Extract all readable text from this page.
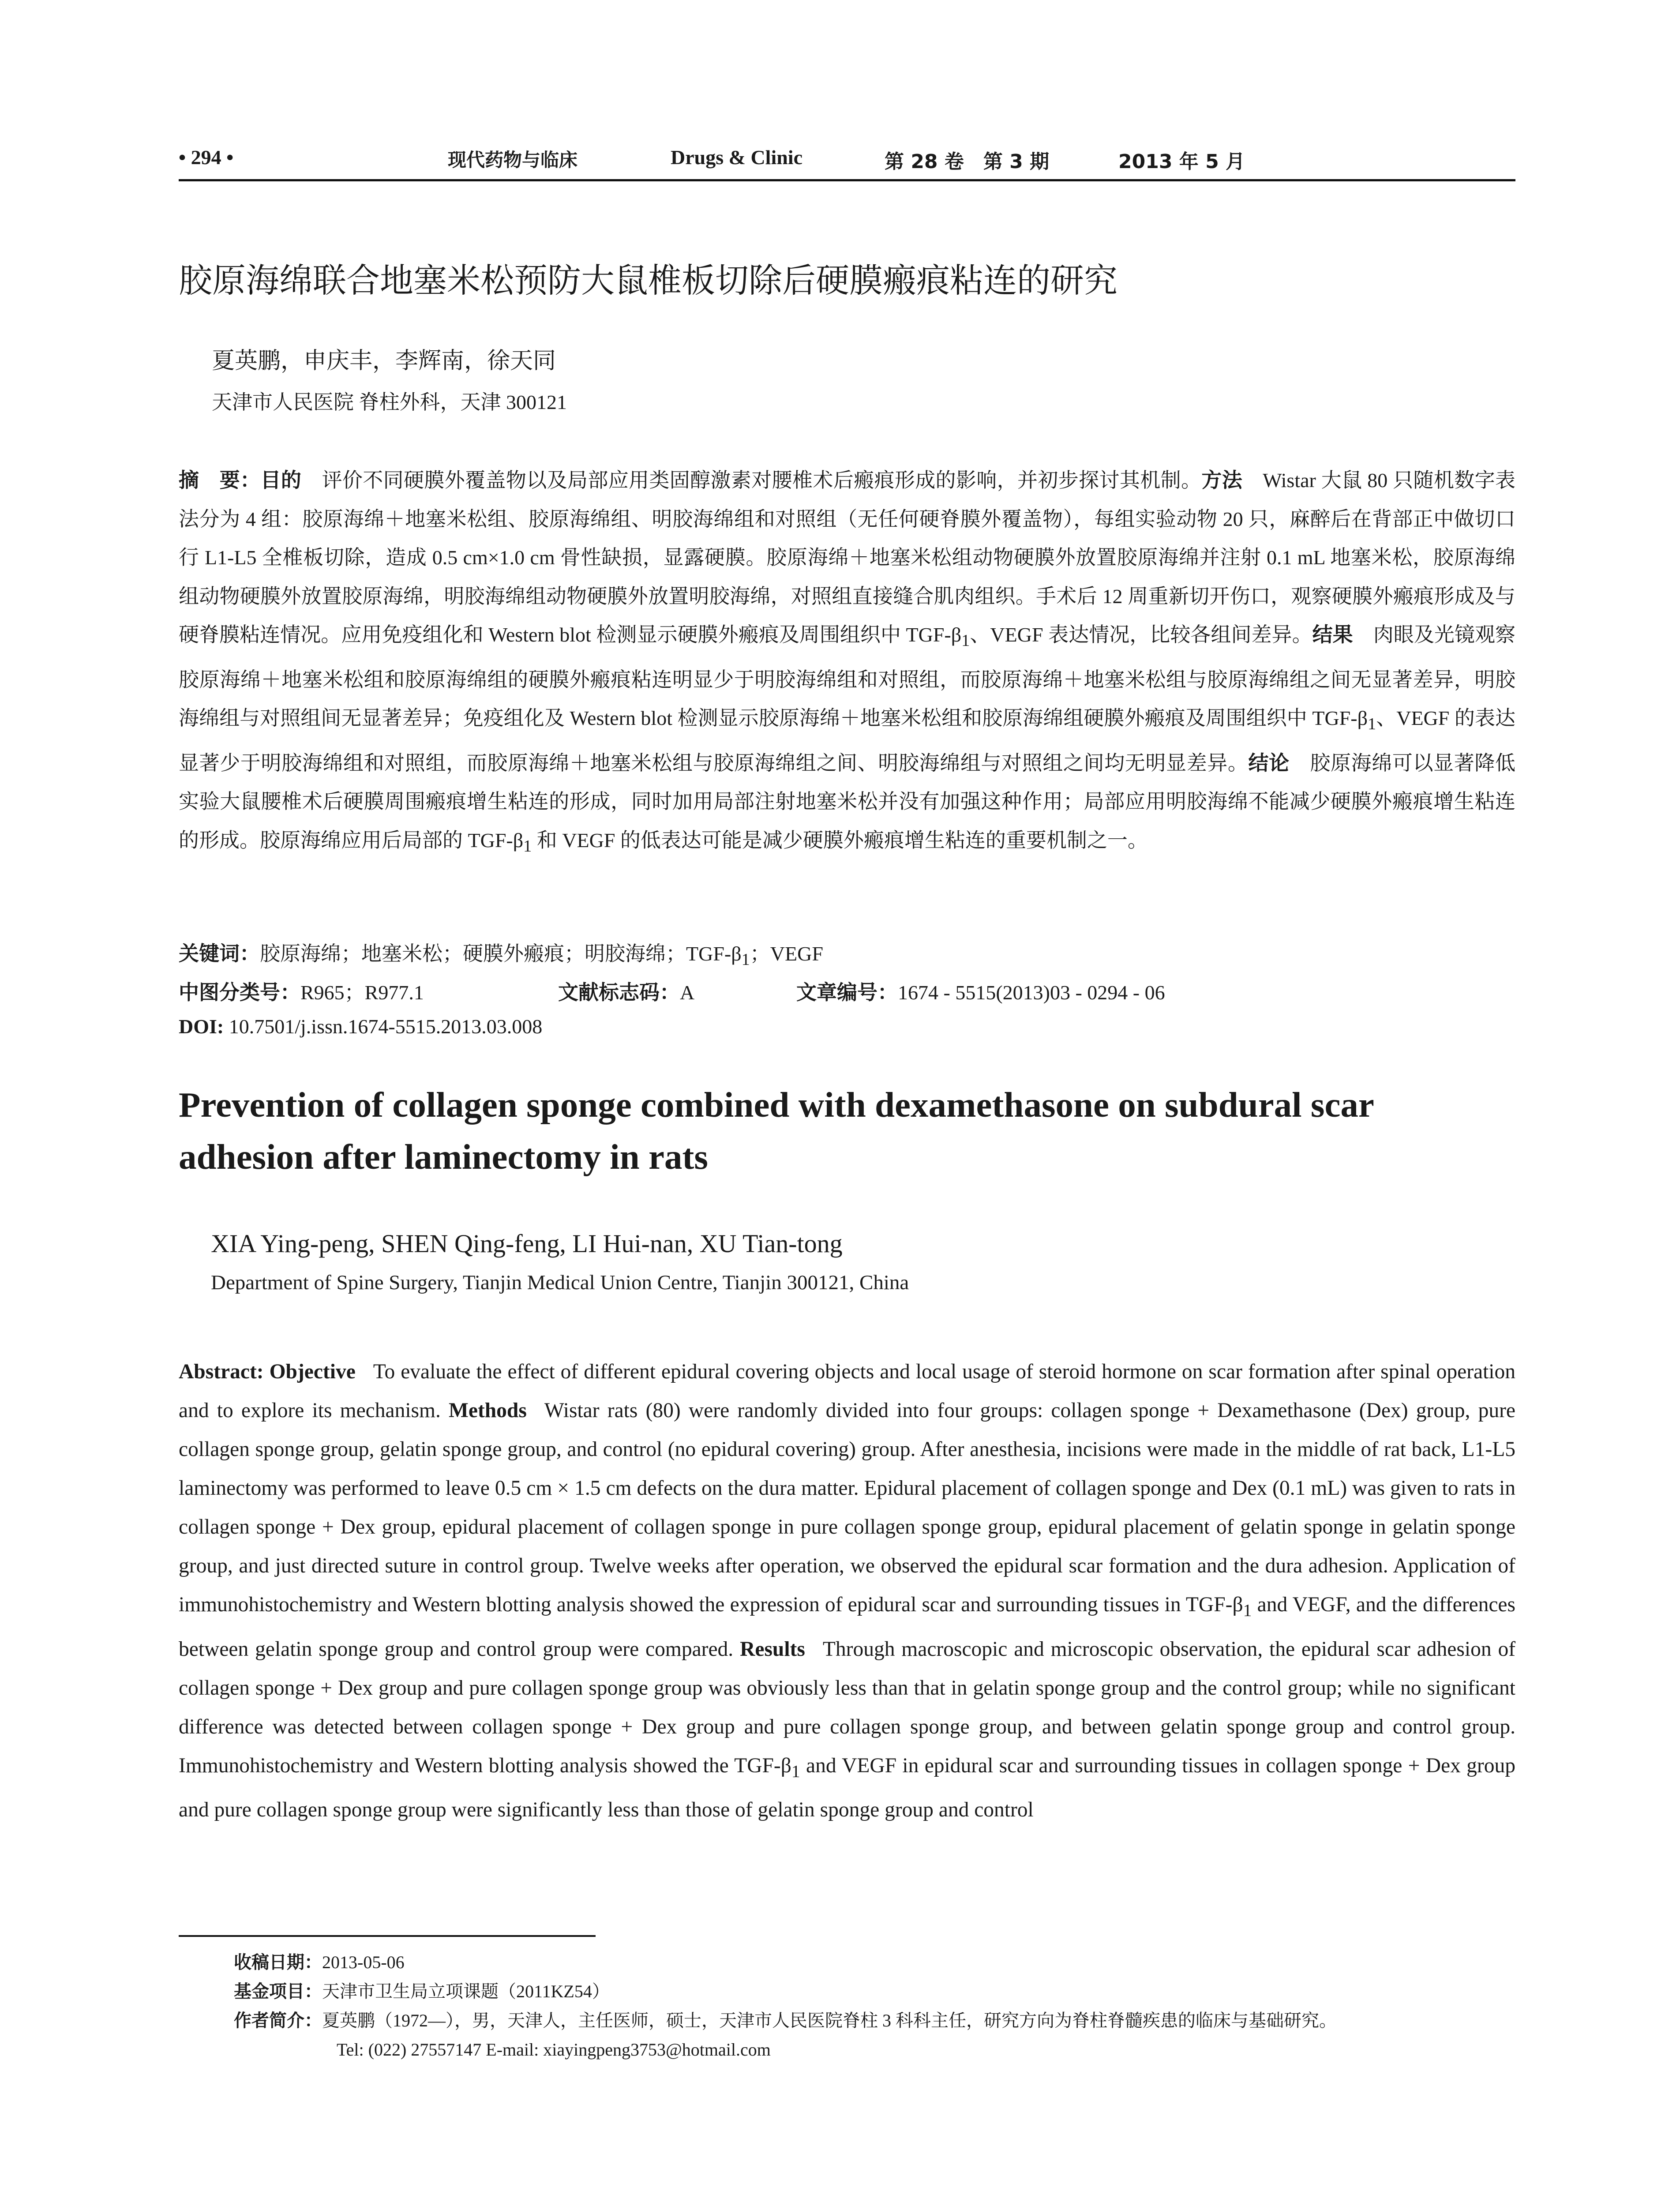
• 294 •	现代药物与临床	Drugs & Clinic	第 28 卷　第 3 期	2013 年 5 月
胶原海绵联合地塞米松预防大鼠椎板切除后硬膜瘢痕粘连的研究
夏英鹏，申庆丰，李辉南，徐天同
天津市人民医院 脊柱外科，天津 300121
摘　要：目的 评价不同硬膜外覆盖物以及局部应用类固醇激素对腰椎术后瘢痕形成的影响，并初步探讨其机制。方法 Wistar 大鼠 80 只随机数字表法分为 4 组：胶原海绵＋地塞米松组、胶原海绵组、明胶海绵组和对照组（无任何硬脊膜外覆盖物），每组实验动物 20 只，麻醉后在背部正中做切口行 L1-L5 全椎板切除，造成 0.5 cm×1.0 cm 骨性缺损，显露硬膜。胶原海绵＋地塞米松组动物硬膜外放置胶原海绵并注射 0.1 mL 地塞米松，胶原海绵组动物硬膜外放置胶原海绵，明胶海绵组动物硬膜外放置明胶海绵，对照组直接缝合肌肉组织。手术后 12 周重新切开伤口，观察硬膜外瘢痕形成及与硬脊膜粘连情况。应用免疫组化和 Western blot 检测显示硬膜外瘢痕及周围组织中 TGF-$\beta_1$、VEGF 表达情况，比较各组间差异。结果 肉眼及光镜观察胶原海绵＋地塞米松组和胶原海绵组的硬膜外瘢痕粘连明显少于明胶海绵组和对照组，而胶原海绵＋地塞米松组与胶原海绵组之间无显著差异，明胶海绵组与对照组间无显著差异；免疫组化及 Western blot 检测显示胶原海绵＋地塞米松组和胶原海绵组硬膜外瘢痕及周围组织中 TGF-$\beta_1$、VEGF 的表达显著少于明胶海绵组和对照组，而胶原海绵＋地塞米松组与胶原海绵组之间、明胶海绵组与对照组之间均无明显差异。结论 胶原海绵可以显著降低实验大鼠腰椎术后硬膜周围瘢痕增生粘连的形成，同时加用局部注射地塞米松并没有加强这种作用；局部应用明胶海绵不能减少硬膜外瘢痕增生粘连的形成。胶原海绵应用后局部的 TGF-$\beta_1$ 和 VEGF 的低表达可能是减少硬膜外瘢痕增生粘连的重要机制之一。
关键词：胶原海绵；地塞米松；硬膜外瘢痕；明胶海绵；TGF-$\beta_1$；VEGF
中图分类号：R965；R977.1	文献标志码：A	文章编号：1674 - 5515(2013)03 - 0294 - 06
DOI: 10.7501/j.issn.1674-5515.2013.03.008
Prevention of collagen sponge combined with dexamethasone on subdural scar adhesion after laminectomy in rats
XIA Ying-peng, SHEN Qing-feng, LI Hui-nan, XU Tian-tong
Department of Spine Surgery, Tianjin Medical Union Centre, Tianjin 300121, China
Abstract: Objective To evaluate the effect of different epidural covering objects and local usage of steroid hormone on scar formation after spinal operation and to explore its mechanism. Methods Wistar rats (80) were randomly divided into four groups: collagen sponge + Dexamethasone (Dex) group, pure collagen sponge group, gelatin sponge group, and control (no epidural covering) group. After anesthesia, incisions were made in the middle of rat back, L1-L5 laminectomy was performed to leave 0.5 cm × 1.5 cm defects on the dura matter. Epidural placement of collagen sponge and Dex (0.1 mL) was given to rats in collagen sponge + Dex group, epidural placement of collagen sponge in pure collagen sponge group, epidural placement of gelatin sponge in gelatin sponge group, and just directed suture in control group. Twelve weeks after operation, we observed the epidural scar formation and the dura adhesion. Application of immunohistochemistry and Western blotting analysis showed the expression of epidural scar and surrounding tissues in TGF-$\beta_1$ and VEGF, and the differences between gelatin sponge group and control group were compared. Results Through macroscopic and microscopic observation, the epidural scar adhesion of collagen sponge + Dex group and pure collagen sponge group was obviously less than that in gelatin sponge group and the control group; while no significant difference was detected between collagen sponge + Dex group and pure collagen sponge group, and between gelatin sponge group and control group. Immunohistochemistry and Western blotting analysis showed the TGF-$\beta_1$ and VEGF in epidural scar and surrounding tissues in collagen sponge + Dex group and pure collagen sponge group were significantly less than those of gelatin sponge group and control
收稿日期：2013-05-06
基金项目：天津市卫生局立项课题（2011KZ54）
作者简介：夏英鹏（1972—），男，天津人，主任医师，硕士，天津市人民医院脊柱 3 科科主任，研究方向为脊柱脊髓疾患的临床与基础研究。
Tel: (022) 27557147 E-mail: xiayingpeng3753@hotmail.com
